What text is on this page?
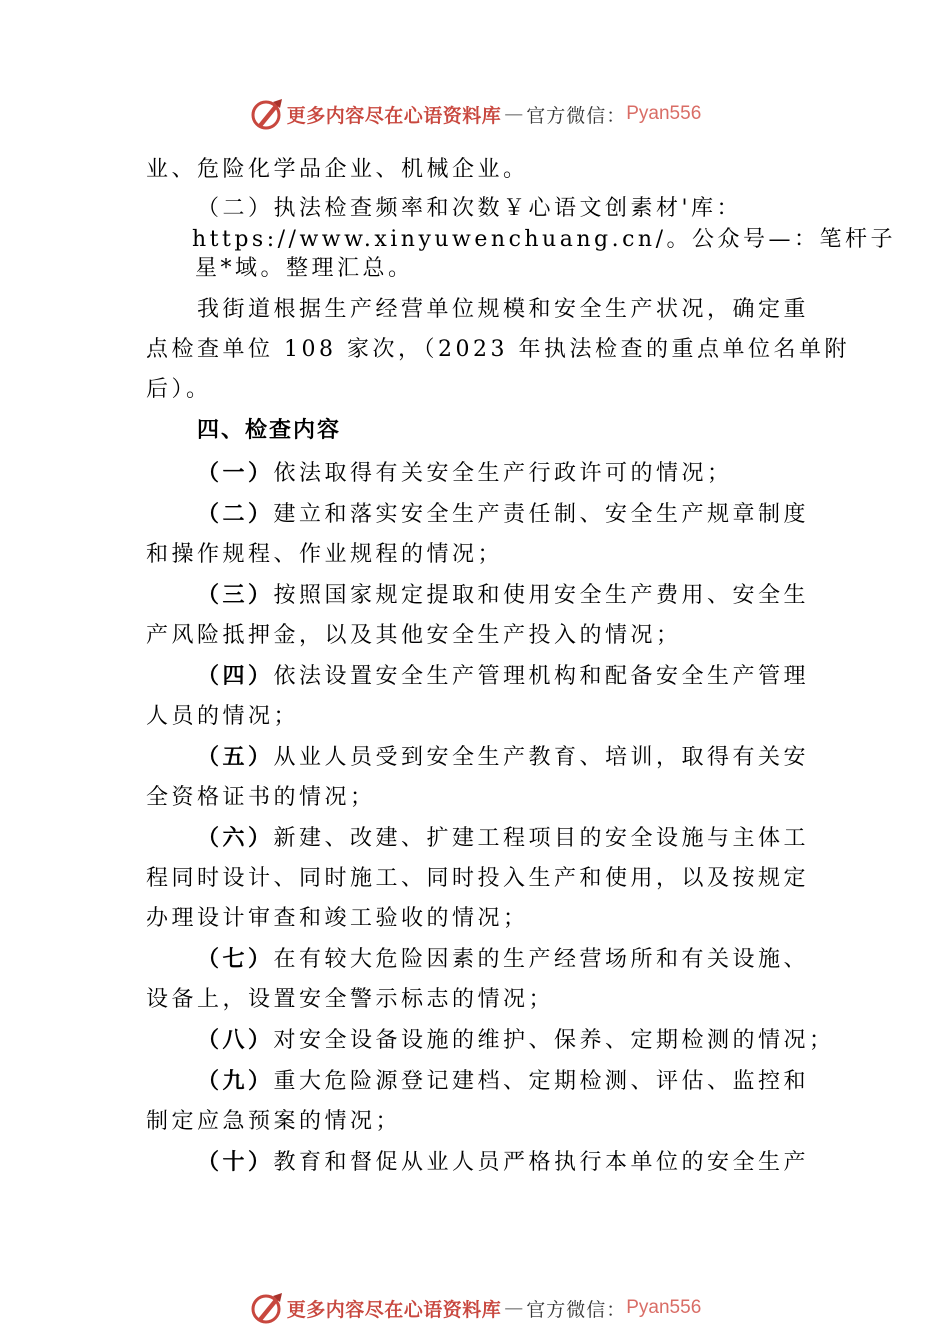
更多内容尽在心语资料库 — 官方微信： Pyan556

业、危险化学品企业、机械企业。

（二）执法检查频率和次数￥心语文创素材'库：

https://www.xinyuwenchuang.cn/。公众号—：笔杆子

星*域。整理汇总。

我街道根据生产经营单位规模和安全生产状况，确定重

点检查单位 108 家次，（2023 年执法检查的重点单位名单附

后）。

四、检查内容

（一）依法取得有关安全生产行政许可的情况；

（二）建立和落实安全生产责任制、安全生产规章制度

和操作规程、作业规程的情况；

（三）按照国家规定提取和使用安全生产费用、安全生

产风险抵押金，以及其他安全生产投入的情况；

（四）依法设置安全生产管理机构和配备安全生产管理

人员的情况；

（五）从业人员受到安全生产教育、培训，取得有关安

全资格证书的情况；

（六）新建、改建、扩建工程项目的安全设施与主体工

程同时设计、同时施工、同时投入生产和使用，以及按规定

办理设计审查和竣工验收的情况；

（七）在有较大危险因素的生产经营场所和有关设施、

设备上，设置安全警示标志的情况；

（八）对安全设备设施的维护、保养、定期检测的情况；

（九）重大危险源登记建档、定期检测、评估、监控和

制定应急预案的情况；

（十）教育和督促从业人员严格执行本单位的安全生产

更多内容尽在心语资料库 — 官方微信： Pyan556
